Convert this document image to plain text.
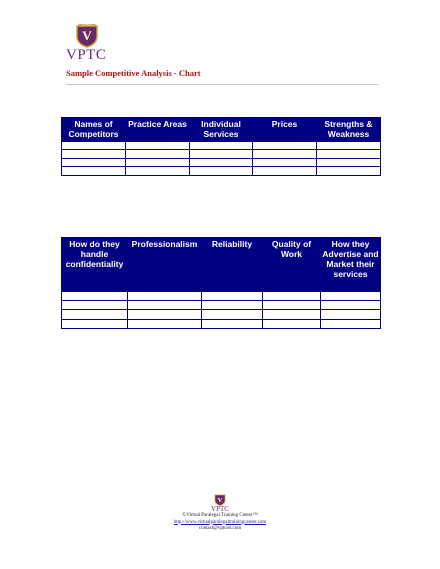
V
VPTC
Sample Competitive Analysis - Chart
Names of Competitors	Practice Areas	Individual Services	Prices	Strengths & Weakness

How do they handle confidentiality	Professionalism	Reliability	Quality of Work	How they Advertise and Market their services

V
VPTC
©Virtual Paralegal Training Center™
http://www.virtualparalegaltrainingcenter.com
contact@vptcen.com
